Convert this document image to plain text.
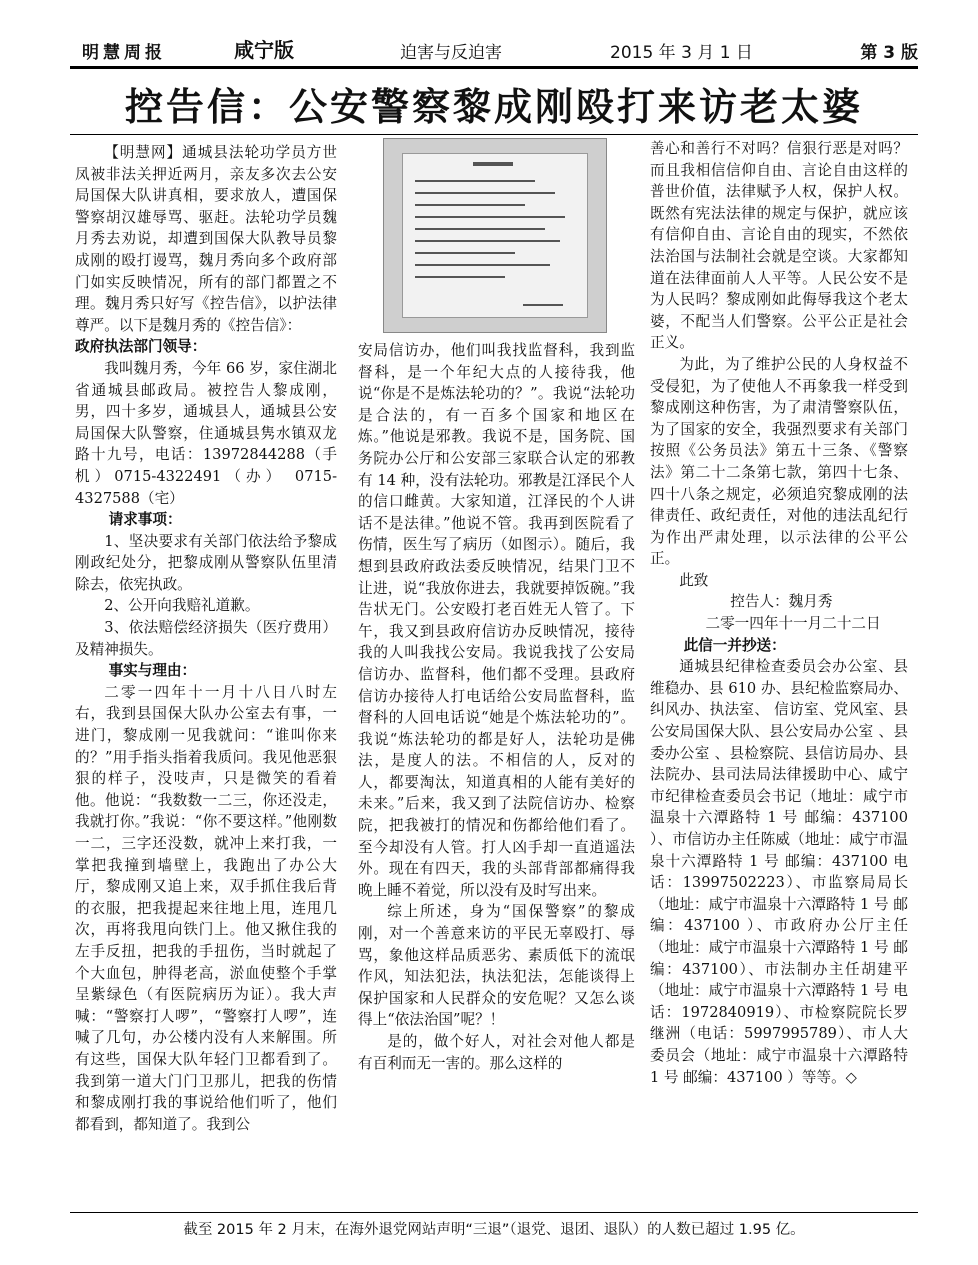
明慧周报	咸宁版	迫害与反迫害	2015 年 3 月 1 日	第 3 版
控告信：公安警察黎成刚殴打来访老太婆

【明慧网】通城县法轮功学员方世凤被非法关押近两月，亲友多次去公安局国保大队讲真相，要求放人，遭国保警察胡汉雄辱骂、驱赶。法轮功学员魏月秀去劝说，却遭到国保大队教导员黎成刚的殴打谩骂，魏月秀向多个政府部门如实反映情况，所有的部门都置之不理。魏月秀只好写《控告信》，以护法律尊严。以下是魏月秀的《控告信》：

政府执法部门领导：

我叫魏月秀，今年 66 岁，家住湖北省通城县邮政局。被控告人黎成刚，男，四十多岁，通城县人，通城县公安局国保大队警察，住通城县隽水镇双龙路十九号，电话：13972844288（手机）0715-4322491（办） 0715-4327588（宅）

请求事项：

1、坚决要求有关部门依法给予黎成刚政纪处分，把黎成刚从警察队伍里清除去，依宪执政。

2、公开向我赔礼道歉。

3、依法赔偿经济损失（医疗费用）及精神损失。

事实与理由：

二零一四年十一月十八日八时左右，我到县国保大队办公室去有事，一进门，黎成刚一见我就问：“谁叫你来的？”用手指头指着我质问。我见他恶狠狠的样子，没吱声，只是微笑的看着他。他说：“我数数一二三，你还没走，我就打你。”我说：“你不要这样。”他刚数一二，三字还没数，就冲上来打我，一掌把我撞到墙壁上，我跑出了办公大厅，黎成刚又追上来，双手抓住我后背的衣服，把我提起来往地上甩，连甩几次，再将我甩向铁门上。他又揪住我的左手反扭，把我的手扭伤，当时就起了个大血包，肿得老高，淤血使整个手掌呈紫绿色（有医院病历为证）。我大声喊：“警察打人啰”，“警察打人啰”，连喊了几句，办公楼内没有人来解围。所有这些，国保大队年轻门卫都看到了。我到第一道大门门卫那儿，把我的伤情和黎成刚打我的事说给他们听了，他们都看到，都知道了。我到公

安局信访办，他们叫我找监督科，我到监督科，是一个年纪大点的人接待我，他说“你是不是炼法轮功的？”。我说“法轮功是合法的，有一百多个国家和地区在炼。”他说是邪教。我说不是，国务院、国务院办公厅和公安部三家联合认定的邪教有 14 种，没有法轮功。邪教是江泽民个人的信口雌黄。大家知道，江泽民的个人讲话不是法律。”他说不管。我再到医院看了伤情，医生写了病历（如图示）。随后，我想到县政府政法委反映情况，结果门卫不让进，说“我放你进去，我就要掉饭碗。”我告状无门。公安殴打老百姓无人管了。下午，我又到县政府信访办反映情况，接待我的人叫我找公安局。我说我找了公安局信访办、监督科，他们都不受理。县政府信访办接待人打电话给公安局监督科，监督科的人回电话说“她是个炼法轮功的”。我说“炼法轮功的都是好人，法轮功是佛法，是度人的法。不相信的人，反对的人，都要淘汰，知道真相的人能有美好的未来。”后来，我又到了法院信访办、检察院，把我被打的情况和伤都给他们看了。至今却没有人管。打人凶手却一直逍遥法外。现在有四天，我的头部背部都痛得我晚上睡不着觉，所以没有及时写出来。

综上所述，身为“国保警察”的黎成刚，对一个善意来访的平民无辜殴打、辱骂，象他这样品质恶劣、素质低下的流氓作风，知法犯法，执法犯法，怎能谈得上保护国家和人民群众的安危呢？又怎么谈得上“依法治国”呢？！

是的，做个好人，对社会对他人都是有百利而无一害的。那么这样的

善心和善行不对吗？信狠行恶是对吗？而且我相信信仰自由、言论自由这样的普世价值，法律赋予人权，保护人权。既然有宪法法律的规定与保护，就应该有信仰自由、言论自由的现实，不然依法治国与法制社会就是空谈。大家都知道在法律面前人人平等。人民公安不是为人民吗？黎成刚如此侮辱我这个老太婆，不配当人们警察。公平公正是社会正义。

为此，为了维护公民的人身权益不受侵犯，为了使他人不再象我一样受到黎成刚这种伤害，为了肃清警察队伍，为了国家的安全，我强烈要求有关部门按照《公务员法》第五十三条、《警察法》第二十二条第七款，第四十七条、四十八条之规定，必须追究黎成刚的法律责任、政纪责任，对他的违法乱纪行为作出严肃处理，以示法律的公平公正。

此致

控告人：魏月秀

二零一四年十一月二十二日

此信一并抄送：

通城县纪律检查委员会办公室、县维稳办、县 610 办、县纪检监察局办、纠风办、执法室、 信访室、党风室、县公安局国保大队、县公安局办公室 、县委办公室 、县检察院、县信访局办、县法院办、县司法局法律援助中心、咸宁市纪律检查委员会书记（地址：咸宁市温泉十六潭路特 1 号 邮编：437100 ）、市信访办主任陈威（地址：咸宁市温泉十六潭路特 1 号 邮编：437100 电话：13997502223）、市监察局局长（地址：咸宁市温泉十六潭路特 1 号 邮编：437100 ）、市政府办公厅主任 （地址：咸宁市温泉十六潭路特 1 号 邮编：437100）、市法制办主任胡建平（地址：咸宁市温泉十六潭路特 1 号 电话：1972840919）、市检察院院长罗继洲（电话：5997995789）、市人大委员会（地址：咸宁市温泉十六潭路特 1 号 邮编：437100 ）等等。◇

截至 2015 年 2 月末，在海外退党网站声明“三退”（退党、退团、退队）的人数已超过 1.95 亿。
